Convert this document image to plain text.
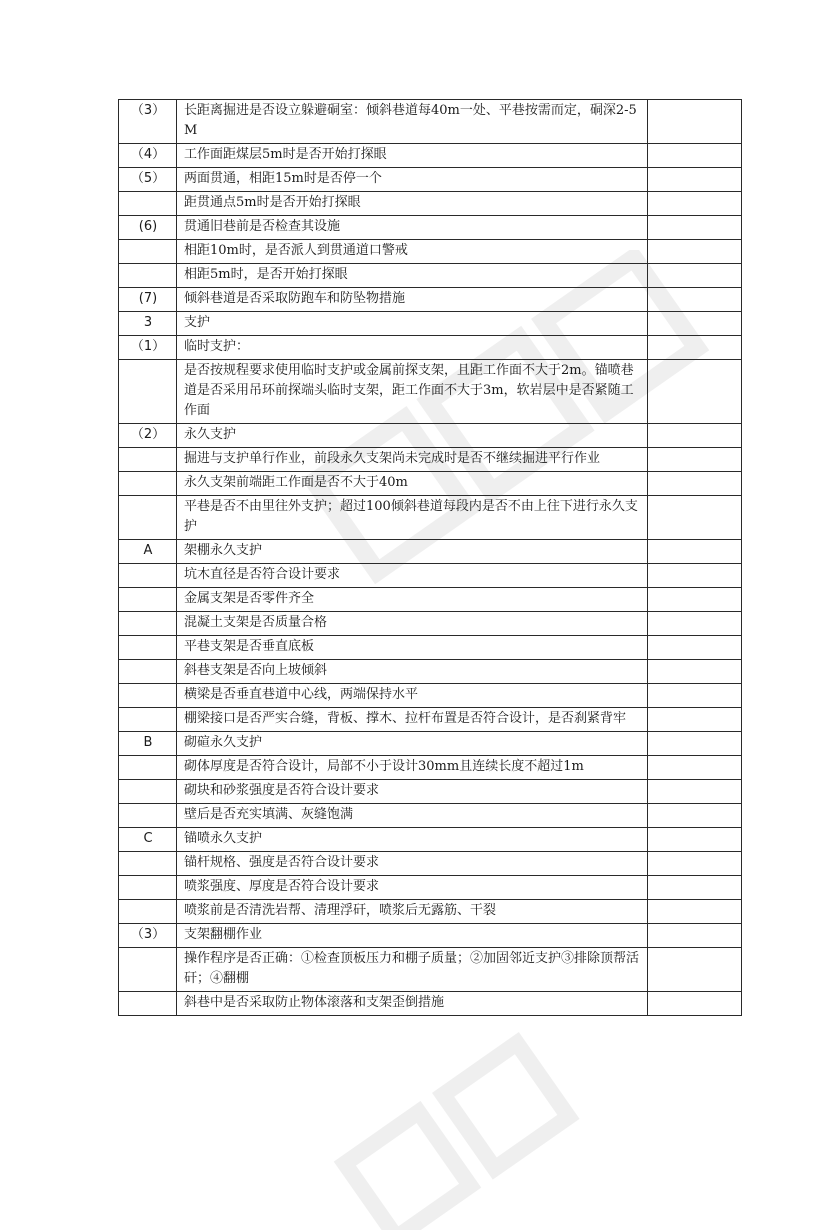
（3）	长距离掘进是否设立躲避硐室：倾斜巷道每40m一处、平巷按需而定，硐深2-5M	
（4）	工作面距煤层5m时是否开始打探眼	
（5）	两面贯通，相距15m时是否停一个	
	距贯通点5m时是否开始打探眼	
(6)	贯通旧巷前是否检查其设施	
	相距10m时，是否派人到贯通道口警戒	
	相距5m时，是否开始打探眼	
(7)	倾斜巷道是否采取防跑车和防坠物措施	
3	支护	
（1）	临时支护：	
	是否按规程要求使用临时支护或金属前探支架，且距工作面不大于2m。锚喷巷道是否采用吊环前探端头临时支架，距工作面不大于3m，软岩层中是否紧随工作面	
（2）	永久支护	
	掘进与支护单行作业，前段永久支架尚未完成时是否不继续掘进平行作业	
	永久支架前端距工作面是否不大于40m	
	平巷是否不由里往外支护；超过100倾斜巷道每段内是否不由上往下进行永久支护	
A	架棚永久支护	
	坑木直径是否符合设计要求	
	金属支架是否零件齐全	
	混凝土支架是否质量合格	
	平巷支架是否垂直底板	
	斜巷支架是否向上坡倾斜	
	横梁是否垂直巷道中心线，两端保持水平	
	棚梁接口是否严实合缝，背板、撑木、拉杆布置是否符合设计，是否刹紧背牢	
B	砌碹永久支护	
	砌体厚度是否符合设计，局部不小于设计30mm且连续长度不超过1m	
	砌块和砂浆强度是否符合设计要求	
	壁后是否充实填满、灰缝饱满	
C	锚喷永久支护	
	锚杆规格、强度是否符合设计要求	
	喷浆强度、厚度是否符合设计要求	
	喷浆前是否清洗岩帮、清理浮矸，喷浆后无露筋、干裂	
（3）	支架翻棚作业	
	操作程序是否正确：①检查顶板压力和棚子质量；②加固邻近支护③排除顶帮活矸；④翻棚	
	斜巷中是否采取防止物体滚落和支架歪倒措施	
